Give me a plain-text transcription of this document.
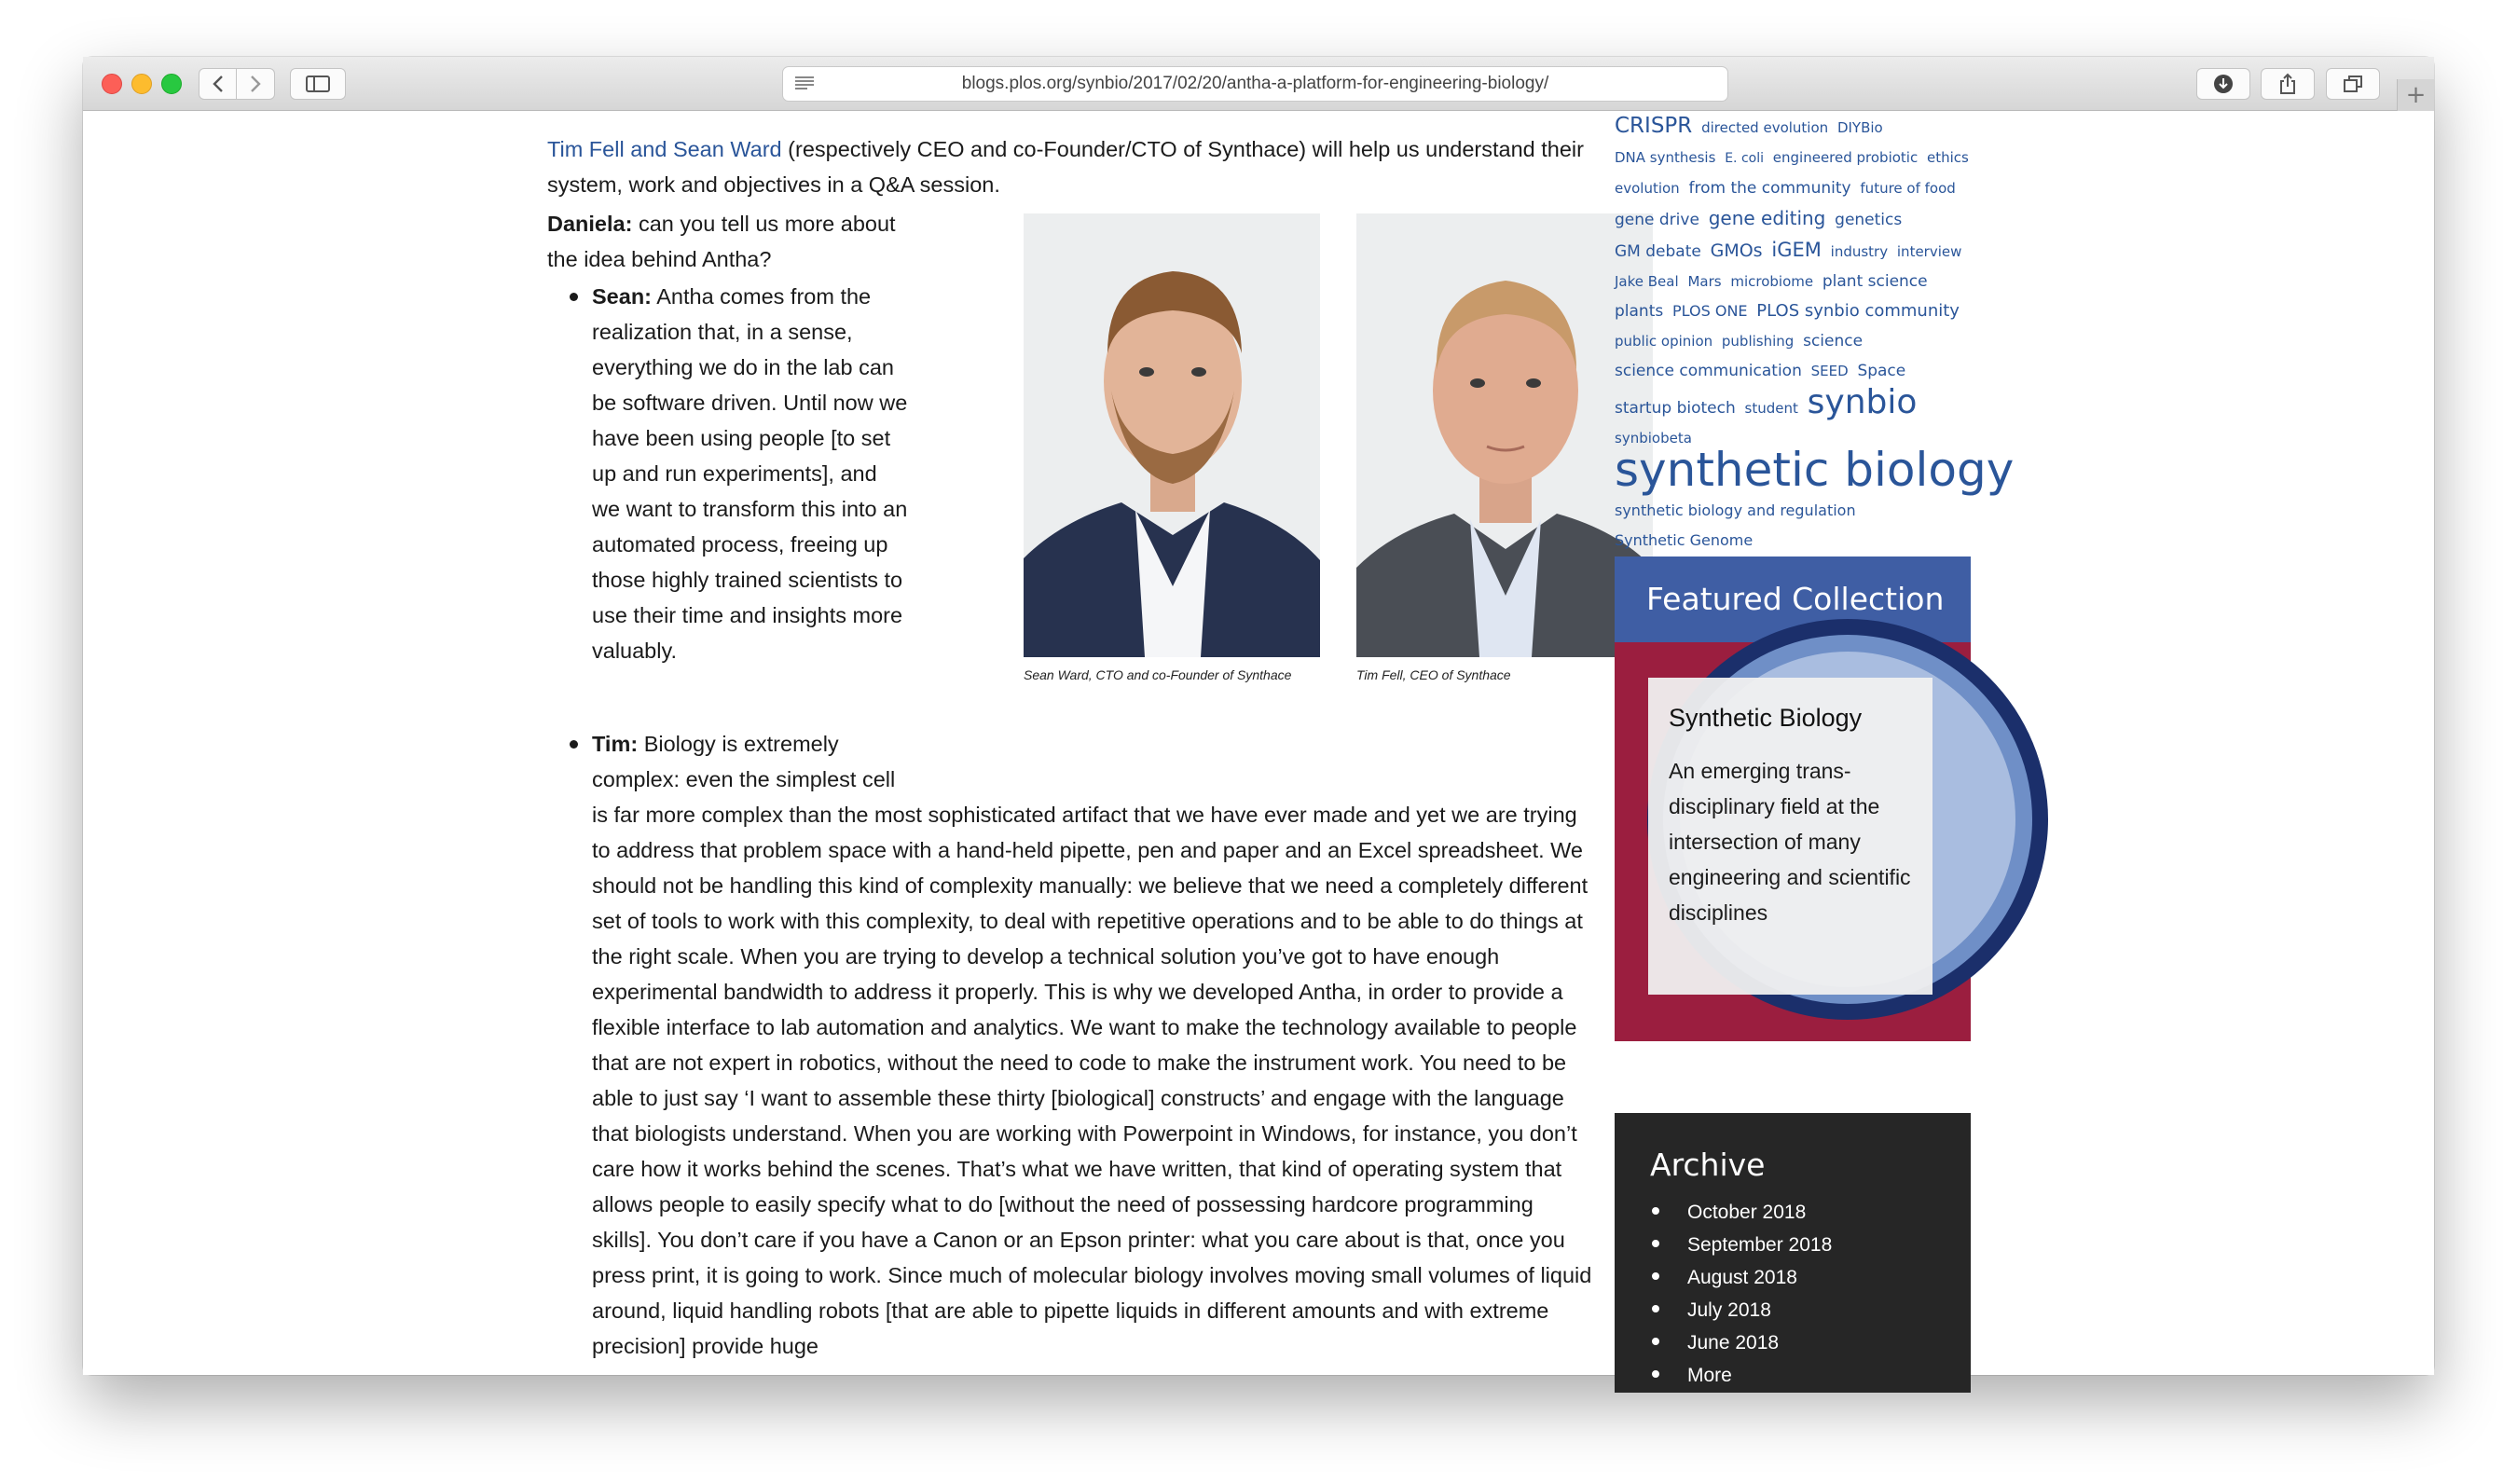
blogs.plos.org/synbio/2017/02/20/antha-a-platform-for-engineering-biology/	+

Tim Fell and Sean Ward (respectively CEO and co-Founder/CTO of Synthace) will help us understand their system, work and objectives in a Q&A session.

Daniela: can you tell us more about the idea behind Antha?

Sean: Antha comes from the realization that, in a sense, everything we do in the lab can be software driven. Until now we have been using people [to set up and run experiments], and we want to transform this into an automated process, freeing up those highly trained scientists to use their time and insights more valuably.
Tim: Biology is extremely complex: even the simplest cell
is far more complex than the most sophisticated artifact that we have ever made and yet we are trying to address that problem space with a hand-held pipette, pen and paper and an Excel spreadsheet. We should not be handling this kind of complexity manually: we believe that we need a completely different set of tools to work with this complexity, to deal with repetitive operations and to be able to do things at the right scale. When you are trying to develop a technical solution you’ve got to have enough experimental bandwidth to address it properly. This is why we developed Antha, in order to provide a flexible interface to lab automation and analytics. We want to make the technology available to people that are not expert in robotics, without the need to code to make the instrument work. You need to be able to just say ‘I want to assemble these thirty [biological] constructs’ and engage with the language that biologists understand. When you are working with Powerpoint in Windows, for instance, you don’t care how it works behind the scenes. That’s what we have written, that kind of operating system that allows people to easily specify what to do [without the need of possessing hardcore programming skills]. You don’t care if you have a Canon or an Epson printer: what you care about is that, once you press print, it is going to work. Since much of molecular biology involves moving small volumes of liquid around, liquid handling robots [that are able to pipette liquids in different amounts and with extreme precision] provide huge
Sean Ward, CTO and co-Founder of Synthace	Tim Fell, CEO of Synthace
CRISPR directed evolution DIYBio DNA synthesis E. coli engineered probiotic ethics evolution from the community future of food gene drive gene editing genetics GM debate GMOs iGEM industry interview Jake Beal Mars microbiome plant science plants PLOS ONE PLOS synbio community public opinion publishing science science communication SEED Space startup biotech student synbio synbiobeta synthetic biology synthetic biology and regulation Synthetic Genome
Featured Collection
Synthetic Biology
An emerging trans-disciplinary field at the intersection of many engineering and scientific disciplines
Archive
October 2018
September 2018
August 2018
July 2018
June 2018
More
